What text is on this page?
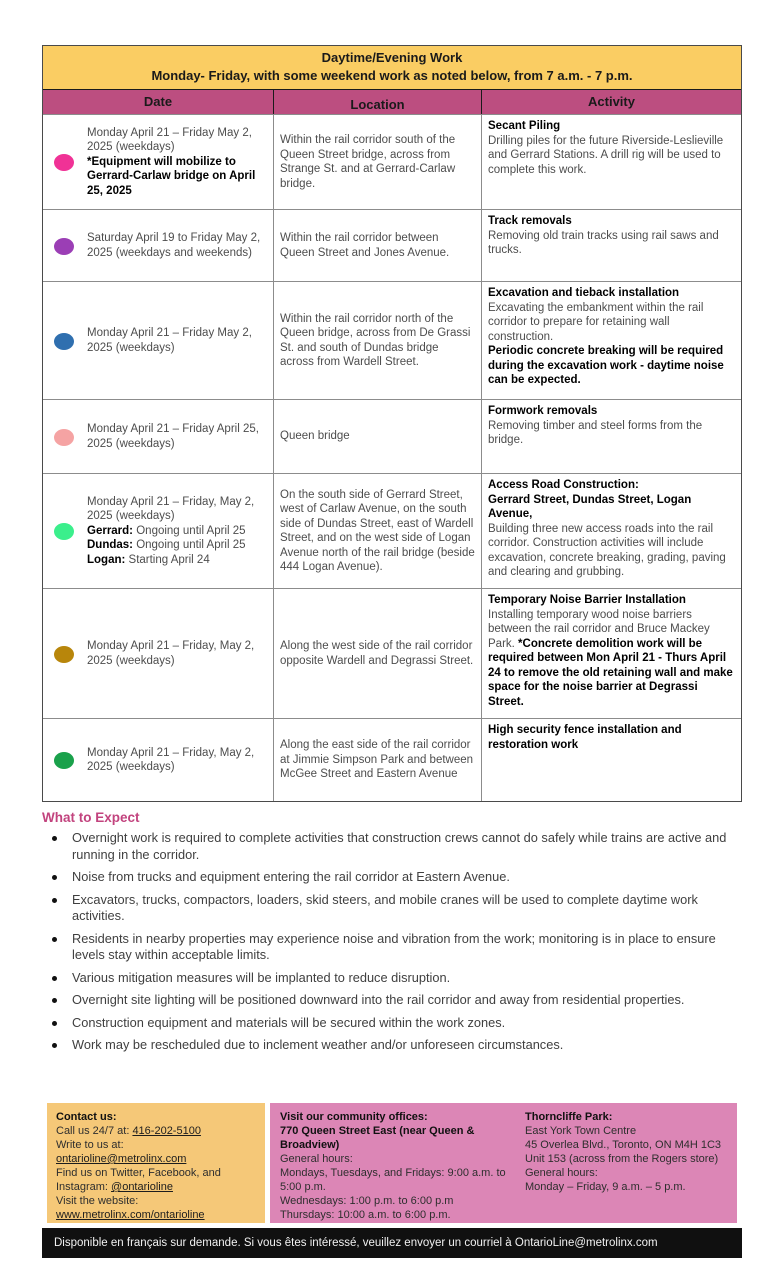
Daytime/Evening Work
Monday- Friday, with some weekend work as noted below, from 7 a.m. - 7 p.m.
Date	Location	Activity
Monday April 21 – Friday May 2, 2025 (weekdays)
*Equipment will mobilize to Gerrard-Carlaw bridge on April 25, 2025
Within the rail corridor south of the Queen Street bridge, across from Strange St. and at Gerrard-Carlaw bridge.
Secant Piling
Drilling piles for the future Riverside-Leslieville and Gerrard Stations. A drill rig will be used to complete this work.
Saturday April 19 to Friday May 2, 2025 (weekdays and weekends)
Within the rail corridor between Queen Street and Jones Avenue.
Track removals
Removing old train tracks using rail saws and trucks.
Monday April 21 – Friday May 2, 2025 (weekdays)
Within the rail corridor north of the Queen bridge, across from De Grassi St. and south of Dundas bridge across from Wardell Street.
Excavation and tieback installation
Excavating the embankment within the rail corridor to prepare for retaining wall construction.
Periodic concrete breaking will be required during the excavation work - daytime noise can be expected.
Monday April 21 – Friday April 25, 2025 (weekdays)
Queen bridge
Formwork removals
Removing timber and steel forms from the bridge.
Monday April 21 – Friday, May 2, 2025 (weekdays)
Gerrard: Ongoing until April 25
Dundas: Ongoing until April 25
Logan: Starting April 24
On the south side of Gerrard Street, west of Carlaw Avenue, on the south side of Dundas Street, east of Wardell Street, and on the west side of Logan Avenue north of the rail bridge (beside 444 Logan Avenue).
Access Road Construction:
Gerrard Street, Dundas Street, Logan Avenue,
Building three new access roads into the rail corridor. Construction activities will include excavation, concrete breaking, grading, paving and clearing and grubbing.
Monday April 21 – Friday, May 2, 2025 (weekdays)
Along the west side of the rail corridor opposite Wardell and Degrassi Street.
Temporary Noise Barrier Installation
Installing temporary wood noise barriers between the rail corridor and Bruce Mackey Park. *Concrete demolition work will be required between Mon April 21 - Thurs April 24 to remove the old retaining wall and make space for the noise barrier at Degrassi Street.
Monday April 21 – Friday, May 2, 2025 (weekdays)
Along the east side of the rail corridor at Jimmie Simpson Park and between McGee Street and Eastern Avenue
High security fence installation and restoration work
What to Expect
Overnight work is required to complete activities that construction crews cannot do safely while trains are active and running in the corridor.
Noise from trucks and equipment entering the rail corridor at Eastern Avenue.
Excavators, trucks, compactors, loaders, skid steers, and mobile cranes will be used to complete daytime work activities.
Residents in nearby properties may experience noise and vibration from the work; monitoring is in place to ensure levels stay within acceptable limits.
Various mitigation measures will be implanted to reduce disruption.
Overnight site lighting will be positioned downward into the rail corridor and away from residential properties.
Construction equipment and materials will be secured within the work zones.
Work may be rescheduled due to inclement weather and/or unforeseen circumstances.
Contact us:
Call us 24/7 at: 416-202-5100
Write to us at: ontarioline@metrolinx.com
Find us on Twitter, Facebook, and Instagram: @ontarioline
Visit the website:
www.metrolinx.com/ontarioline
Visit our community offices:
770 Queen Street East (near Queen & Broadview)
General hours:
Mondays, Tuesdays, and Fridays: 9:00 a.m. to 5:00 p.m.
Wednesdays: 1:00 p.m. to 6:00 p.m
Thursdays: 10:00 a.m. to 6:00 p.m.
Thorncliffe Park:
East York Town Centre
45 Overlea Blvd., Toronto, ON M4H 1C3
Unit 153 (across from the Rogers store)
General hours:
Monday – Friday, 9 a.m. – 5 p.m.
Disponible en français sur demande. Si vous êtes intéressé, veuillez envoyer un courriel à OntarioLine@metrolinx.com
